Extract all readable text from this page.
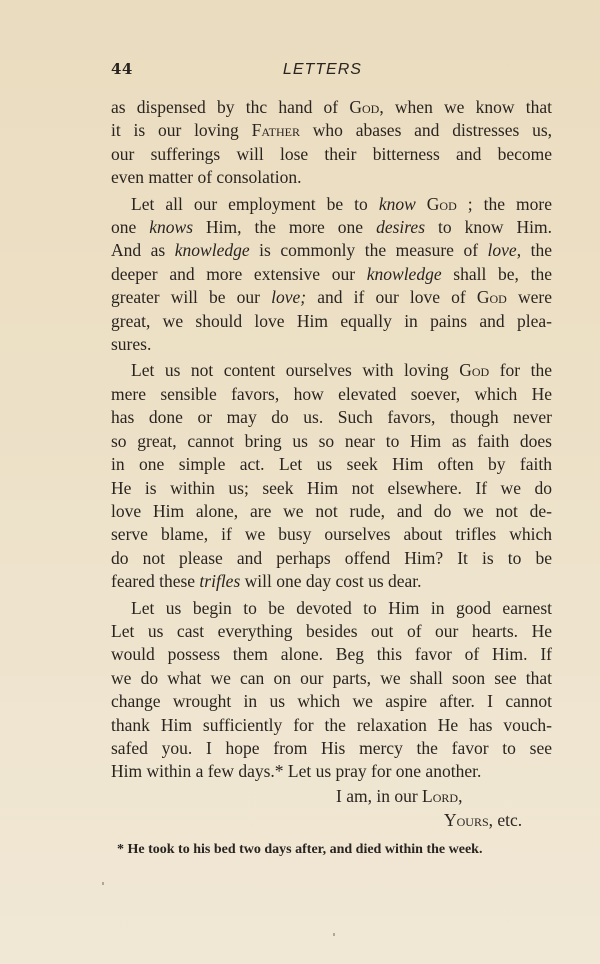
44	LETTERS
as dispensed by thc hand of God, when we know that
it is our loving Father who abases and distresses us,
our sufferings will lose their bitterness and become
even matter of consolation.
Let all our employment be to know God ; the more
one knows Him, the more one desires to know Him.
And as knowledge is commonly the measure of love, the
deeper and more extensive our knowledge shall be, the
greater will be our love; and if our love of God were
great, we should love Him equally in pains and plea-
sures.
Let us not content ourselves with loving God for the
mere sensible favors, how elevated soever, which He
has done or may do us. Such favors, though never
so great, cannot bring us so near to Him as faith does
in one simple act. Let us seek Him often by faith
He is within us; seek Him not elsewhere. If we do
love Him alone, are we not rude, and do we not de-
serve blame, if we busy ourselves about trifles which
do not please and perhaps offend Him? It is to be
feared these trifles will one day cost us dear.
Let us begin to be devoted to Him in good earnest
Let us cast everything besides out of our hearts. He
would possess them alone. Beg this favor of Him. If
we do what we can on our parts, we shall soon see that
change wrought in us which we aspire after. I cannot
thank Him sufficiently for the relaxation He has vouch-
safed you. I hope from His mercy the favor to see
Him within a few days.* Let us pray for one another.
I am, in our Lord,
Yours, etc.
* He took to his bed two days after, and died within the week.
